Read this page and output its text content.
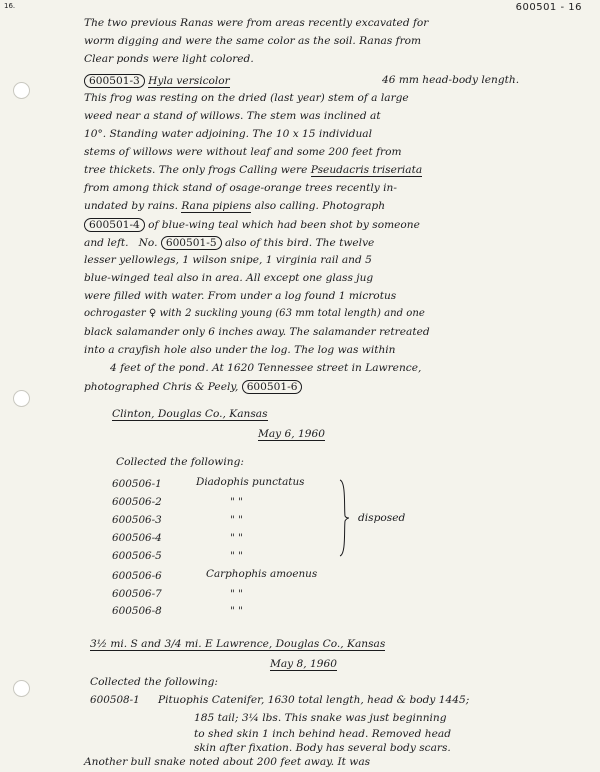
16.	600501 - 16
The two previous Ranas were from areas recently excavated for
worm digging and were the same color as the soil. Ranas from
Clear ponds were light colored.
600501-3 Hyla versicolor	46 mm head-body length.
This frog was resting on the dried (last year) stem of a large
weed near a stand of willows. The stem was inclined at
10°. Standing water adjoining. The 10 x 15 individual
stems of willows were without leaf and some 200 feet from
tree thickets. The only frogs Calling were Pseudacris triseriata
from among thick stand of osage-orange trees recently in-
undated by rains. Rana pipiens also calling. Photograph
600501-4 of blue-wing teal which had been shot by someone
and left. No. 600501-5 also of this bird. The twelve
lesser yellowlegs, 1 wilson snipe, 1 virginia rail and 5
blue-winged teal also in area. All except one glass jug
were filled with water. From under a log found 1 microtus
ochrogaster ♀ with 2 suckling young (63 mm total length) and one
black salamander only 6 inches away. The salamander retreated
into a crayfish hole also under the log. The log was within
4 feet of the pond. At 1620 Tennessee street in Lawrence,
photographed Chris & Peely, 600501-6
Clinton, Douglas Co., Kansas
May 6, 1960
Collected the following:
600506-1	Diadophis punctatus
600506-2	" "
600506-3	" "
600506-4	" "
600506-5	" "
600506-6	Carphophis amoenus
600506-7	" "
600506-8	" "
disposed
3½ mi. S and 3/4 mi. E Lawrence, Douglas Co., Kansas
May 8, 1960
Collected the following:
600508-1 Pituophis Catenifer, 1630 total length, head & body 1445;
185 tail; 3¼ lbs. This snake was just beginning
to shed skin 1 inch behind head. Removed head
skin after fixation. Body has several body scars.
Another bull snake noted about 200 feet away. It was
